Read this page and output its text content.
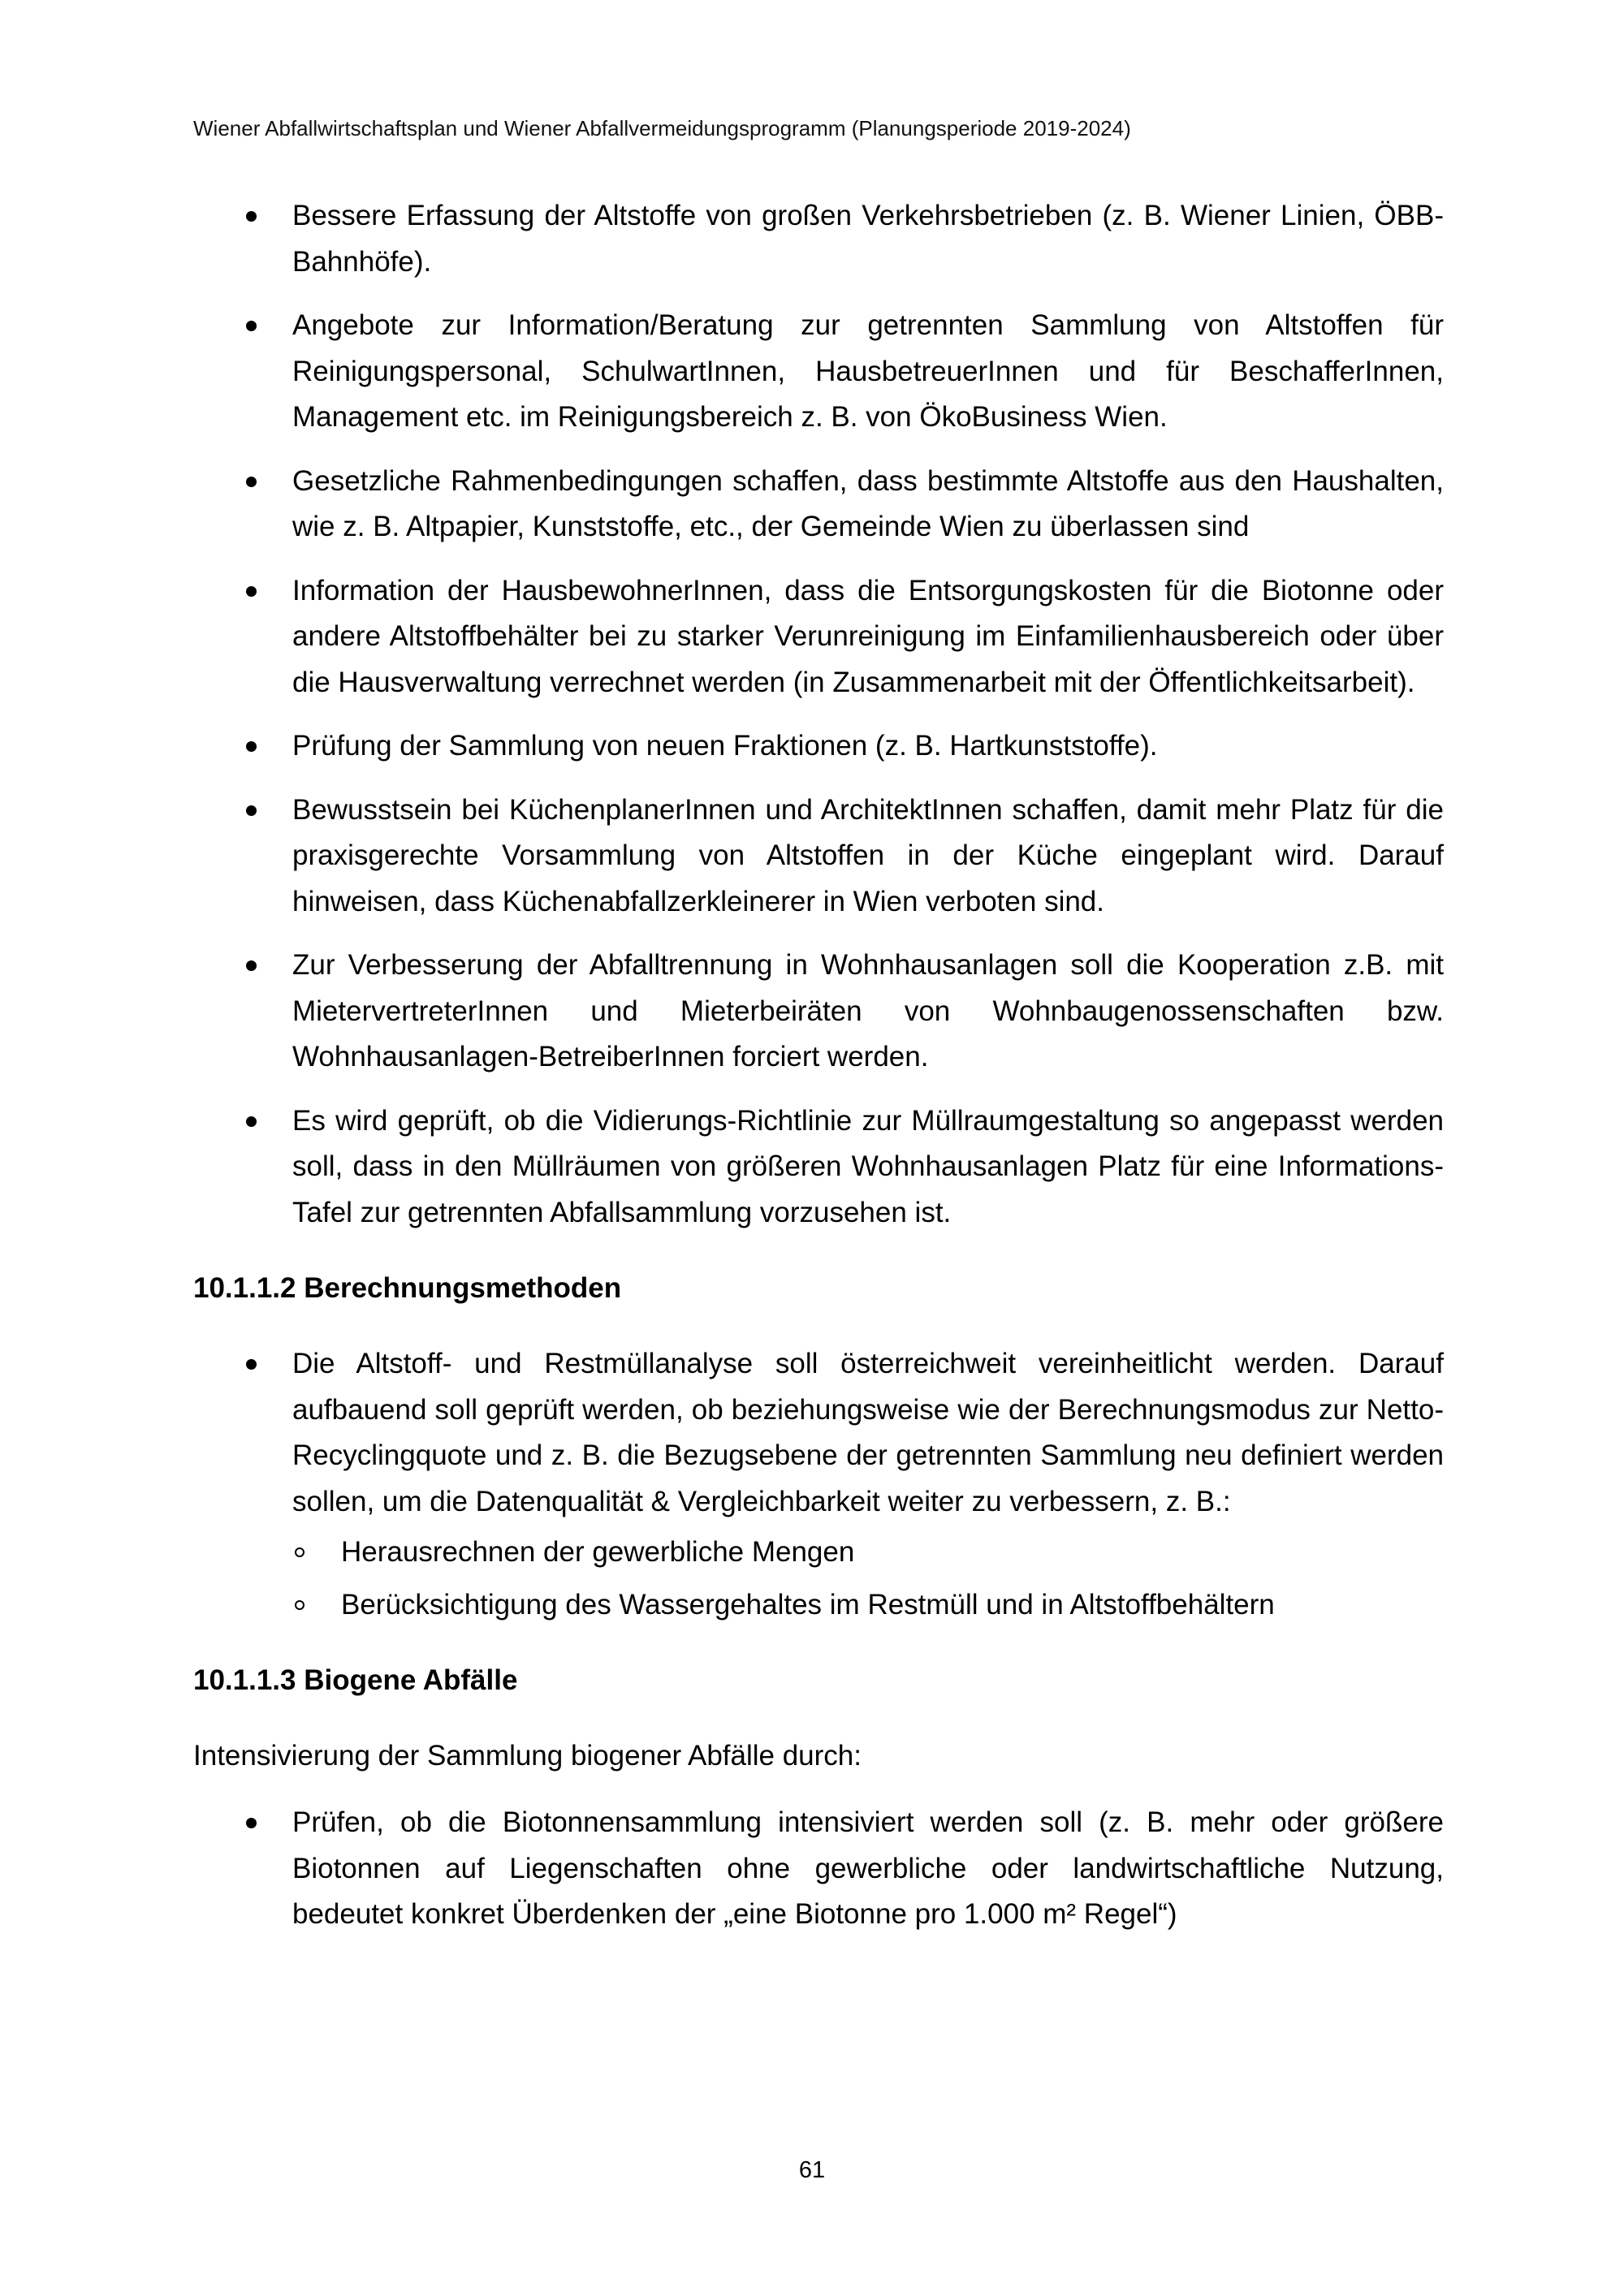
Wiener Abfallwirtschaftsplan und Wiener Abfallvermeidungsprogramm (Planungsperiode 2019-2024)
Bessere Erfassung der Altstoffe von großen Verkehrsbetrieben (z. B. Wiener Linien, ÖBB-Bahnhöfe).
Angebote zur Information/Beratung zur getrennten Sammlung von Altstoffen für Reinigungspersonal, SchulwartInnen, HausbetreuerInnen und für BeschafferInnen, Management etc. im Reinigungsbereich z. B. von ÖkoBusiness Wien.
Gesetzliche Rahmenbedingungen schaffen, dass bestimmte Altstoffe aus den Haushalten, wie z. B. Altpapier, Kunststoffe, etc., der Gemeinde Wien zu überlassen sind
Information der HausbewohnerInnen, dass die Entsorgungskosten für die Biotonne oder andere Altstoffbehälter bei zu starker Verunreinigung im Einfamilienhausbereich oder über die Hausverwaltung verrechnet werden (in Zusammenarbeit mit der Öffentlichkeitsarbeit).
Prüfung der Sammlung von neuen Fraktionen (z. B. Hartkunststoffe).
Bewusstsein bei KüchenplanerInnen und ArchitektInnen schaffen, damit mehr Platz für die praxisgerechte Vorsammlung von Altstoffen in der Küche eingeplant wird. Darauf hinweisen, dass Küchenabfallzerkleinerer in Wien verboten sind.
Zur Verbesserung der Abfalltrennung in Wohnhausanlagen soll die Kooperation z.B. mit MietervertreterInnen und Mieterbeiräten von Wohnbaugenossenschaften bzw. Wohnhausanlagen-BetreiberInnen forciert werden.
Es wird geprüft, ob die Vidierungs-Richtlinie zur Müllraumgestaltung so angepasst werden soll, dass in den Müllräumen von größeren Wohnhausanlagen Platz für eine Informations-Tafel zur getrennten Abfallsammlung vorzusehen ist.
10.1.1.2 Berechnungsmethoden
Die Altstoff- und Restmüllanalyse soll österreichweit vereinheitlicht werden. Darauf aufbauend soll geprüft werden, ob beziehungsweise wie der Berechnungsmodus zur Netto-Recyclingquote und z. B. die Bezugsebene der getrennten Sammlung neu definiert werden sollen, um die Datenqualität & Vergleichbarkeit weiter zu verbessern, z. B.:
Herausrechnen der gewerbliche Mengen
Berücksichtigung des Wassergehaltes im Restmüll und in Altstoffbehältern
10.1.1.3 Biogene Abfälle

Intensivierung der Sammlung biogener Abfälle durch:

Prüfen, ob die Biotonnensammlung intensiviert werden soll (z. B. mehr oder größere Biotonnen auf Liegenschaften ohne gewerbliche oder landwirtschaftliche Nutzung, bedeutet konkret Überdenken der „eine Biotonne pro 1.000 m² Regel“)
61
